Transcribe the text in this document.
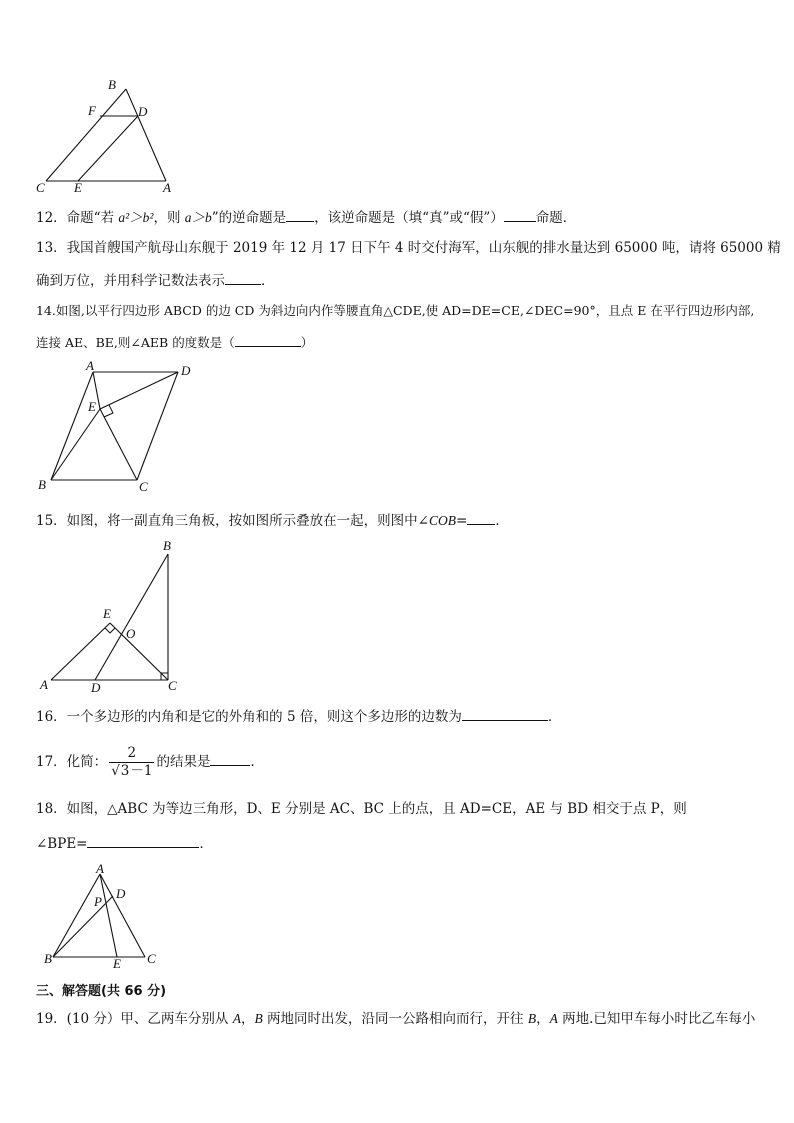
B
F	D
C E	A
12．命题“若 a²＞b²，则 a＞b”的逆命题是 ，该逆命题是（填“真”或“假”） 命题．
13．我国首艘国产航母山东舰于 2019 年 12 月 17 日下午 4 时交付海军，山东舰的排水量达到 65000 吨，请将 65000 精
确到万位，并用科学记数法表示	．
14.如图,以平行四边形 ABCD 的边 CD 为斜边向内作等腰直角△CDE,使 AD=DE=CE,∠DEC=90°，且点 E 在平行四边形内部,
连接 AE、BE,则∠AEB 的度数是（	）
A	D
E
B	C
15．如图，将一副直角三角板，按如图所示叠放在一起，则图中∠COB= ．
B
E
O
A	D	C
16．一个多边形的内角和是它的外角和的 5 倍，则这个多边形的边数为	．
17．化简： $\frac{2}{√3-1}$ 的结果是	．
18．如图，△ABC 为等边三角形，D、E 分别是 AC、BC 上的点，且 AD=CE，AE 与 BD 相交于点 P，则
∠BPE=	．
A
D
P
B	E C
三、解答题(共 66 分)
19．(10 分）甲、乙两车分别从 A，B 两地同时出发，沿同一公路相向而行，开往 B，A 两地.已知甲车每小时比乙车每小
